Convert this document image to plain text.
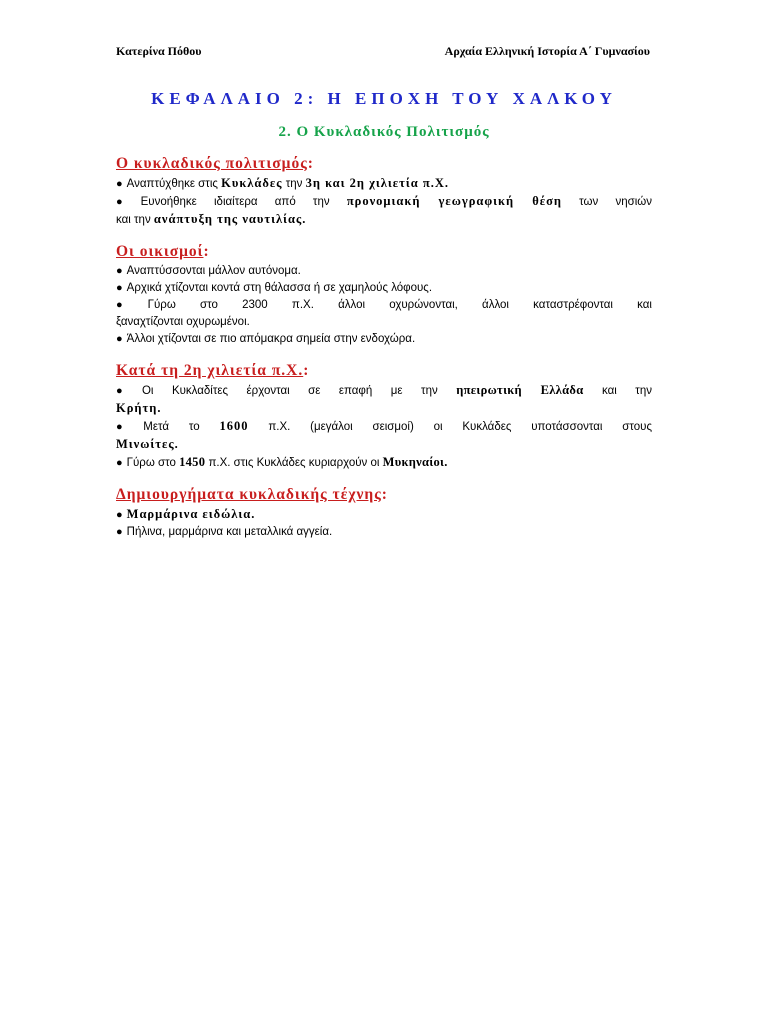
Κατερίνα Πόθου	Αρχαία Ελληνική Ιστορία Α΄ Γυμνασίου
ΚΕΦΑΛΑΙΟ 2: Η ΕΠΟΧΗ ΤΟΥ ΧΑΛΚΟΥ
2. Ο Κυκλαδικός Πολιτισμός
Ο κυκλαδικός πολιτισμός:
● Αναπτύχθηκε στις Κυκλάδες την 3η και 2η χιλιετία π.Χ.
● Ευνοήθηκε ιδιαίτερα από την προνομιακή γεωγραφική θέση των νησιών
και την ανάπτυξη της ναυτιλίας.
Οι οικισμοί:
● Αναπτύσσονται μάλλον αυτόνομα.
● Αρχικά χτίζονται κοντά στη θάλασσα ή σε χαμηλούς λόφους.
● Γύρω στο 2300 π.Χ. άλλοι οχυρώνονται, άλλοι καταστρέφονται και
ξαναχτίζονται οχυρωμένοι.
● Άλλοι χτίζονται σε πιο απόμακρα σημεία στην ενδοχώρα.
Κατά τη 2η χιλιετία π.Χ.:
● Οι Κυκλαδίτες έρχονται σε επαφή με την ηπειρωτική Ελλάδα και την
Κρήτη.
● Μετά το 1600 π.Χ. (μεγάλοι σεισμοί) οι Κυκλάδες υποτάσσονται στους
Μινωίτες.
● Γύρω στο 1450 π.Χ. στις Κυκλάδες κυριαρχούν οι Μυκηναίοι.
Δημιουργήματα κυκλαδικής τέχνης:
● Μαρμάρινα ειδώλια.
● Πήλινα, μαρμάρινα και μεταλλικά αγγεία.
